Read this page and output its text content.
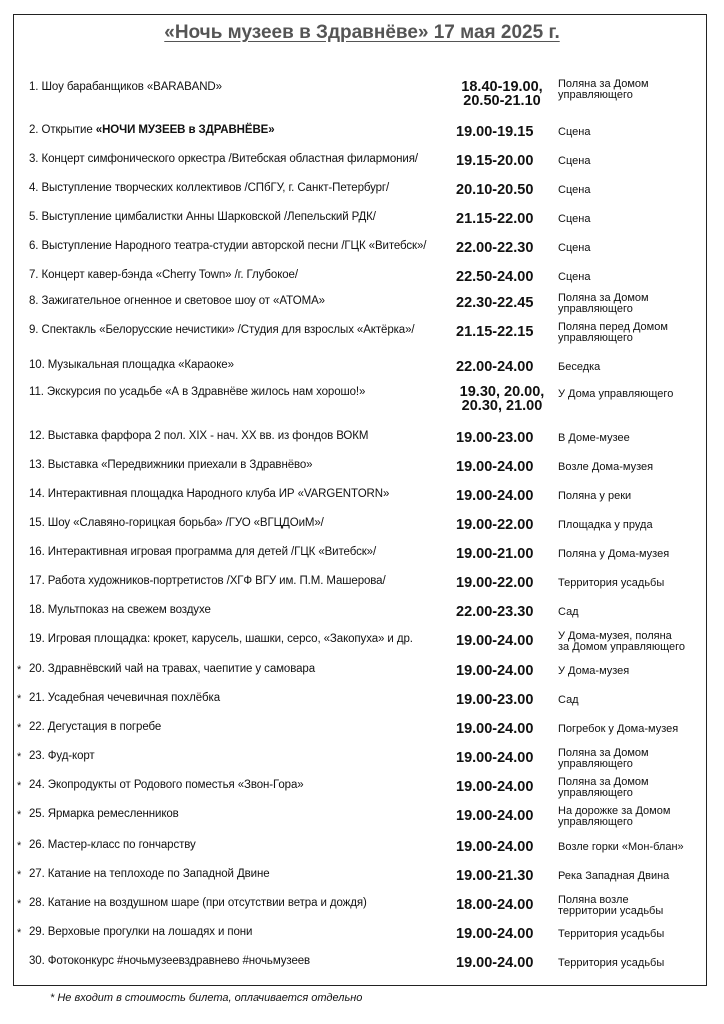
«Ночь музеев в Здравнёве» 17 мая 2025 г.
1. Шоу барабанщиков «BARABAND»	18.40-19.00,
20.50-21.10
Поляна за Домом
управляющего
2. Открытие «НОЧИ МУЗЕЕВ в ЗДРАВНЁВЕ»	19.00-19.15	Сцена
3. Концерт симфонического оркестра /Витебская областная филармония/	19.15-20.00	Сцена
4. Выступление творческих коллективов /СПбГУ, г. Санкт-Петербург/	20.10-20.50	Сцена
5. Выступление цимбалистки Анны Шарковской /Лепельский РДК/	21.15-22.00	Сцена
6. Выступление Народного театра-студии авторской песни /ГЦК «Витебск»/	22.00-22.30	Сцена
7. Концерт кавер-бэнда «Cherry Town» /г. Глубокое/	22.50-24.00	Сцена
8. Зажигательное огненное и световое шоу от «ATOMA»	22.30-22.45	Поляна за Домом
управляющего
9. Спектакль «Белорусские нечистики» /Студия для взрослых «Актёрка»/	21.15-22.15	Поляна перед Домом
управляющего
10. Музыкальная площадка «Караоке»	22.00-24.00	Беседка
11. Экскурсия по усадьбе «А в Здравнёве жилось нам хорошо!»	19.30, 20.00,
20.30, 21.00
У Дома управляющего
12. Выставка фарфора 2 пол. XIX - нач. XX вв. из фондов ВОКМ	19.00-23.00	В Доме-музее
13. Выставка «Передвижники приехали в Здравнёво»	19.00-24.00	Возле Дома-музея
14. Интерактивная площадка Народного клуба ИР «VARGENTORN»	19.00-24.00	Поляна у реки
15. Шоу «Славяно-горицкая борьба» /ГУО «ВГЦДОиМ»/	19.00-22.00	Площадка у пруда
16. Интерактивная игровая программа для детей /ГЦК «Витебск»/	19.00-21.00	Поляна у Дома-музея
17. Работа художников-портретистов /ХГФ ВГУ им. П.М. Машерова/	19.00-22.00	Территория усадьбы
18. Мультпоказ на свежем воздухе	22.00-23.30	Сад
19. Игровая площадка: крокет, карусель, шашки, серсо, «Закопуха» и др.	19.00-24.00	У Дома-музея, поляна
за Домом управляющего
* 20. Здравнёвский чай на травах, чаепитие у самовара	19.00-24.00	У Дома-музея
* 21. Усадебная чечевичная похлёбка	19.00-23.00	Сад
* 22. Дегустация в погребе	19.00-24.00	Погребок у Дома-музея
* 23. Фуд-корт	19.00-24.00	Поляна за Домом
управляющего
* 24. Экопродукты от Родового поместья «Звон-Гора»	19.00-24.00	Поляна за Домом
управляющего
* 25. Ярмарка ремесленников	19.00-24.00	На дорожке за Домом
управляющего
* 26. Мастер-класс по гончарству	19.00-24.00	Возле горки «Мон-блан»
* 27. Катание на теплоходе по Западной Двине	19.00-21.30	Река Западная Двина
* 28. Катание на воздушном шаре (при отсутствии ветра и дождя)	18.00-24.00	Поляна возле
территории усадьбы
* 29. Верховые прогулки на лошадях и пони	19.00-24.00	Территория усадьбы
30. Фотоконкурс #ночьмузеевздравнево #ночьмузеев	19.00-24.00	Территория усадьбы
* Не входит в стоимость билета, оплачивается отдельно
